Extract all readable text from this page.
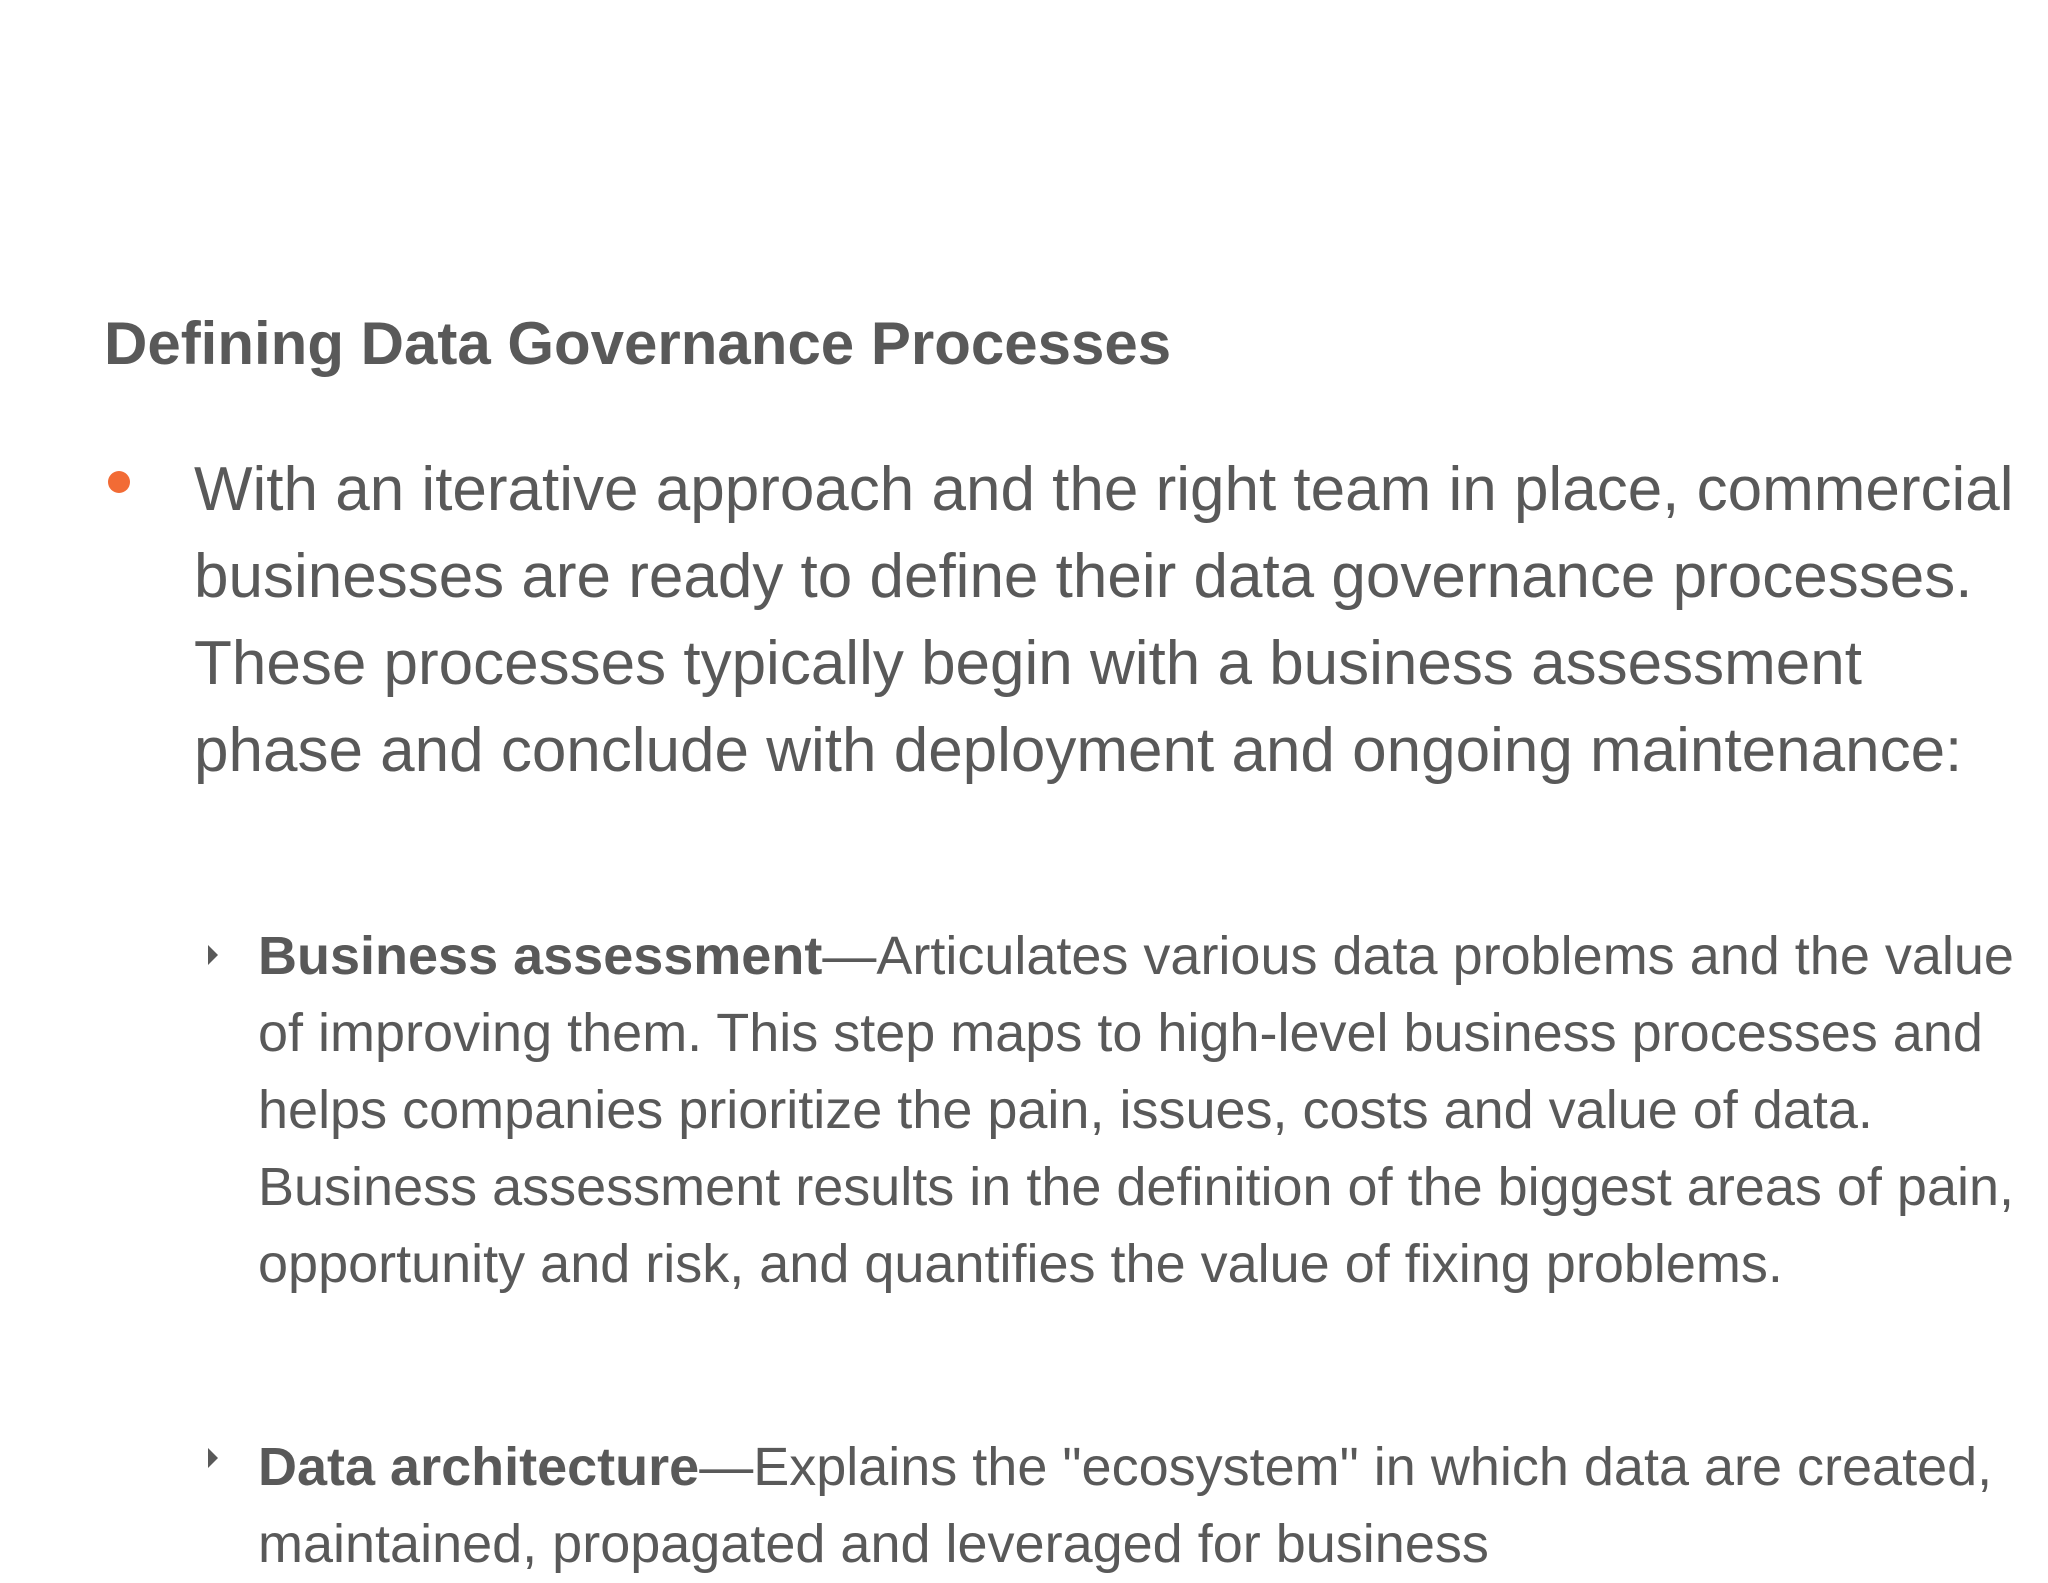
Defining Data Governance Processes
With an iterative approach and the right team in place, commercial businesses are ready to define their data governance processes. These processes typically begin with a business assessment phase and conclude with deployment and ongoing maintenance:
Business assessment—Articulates various data problems and the value of improving them. This step maps to high-level business processes and helps companies prioritize the pain, issues, costs and value of data. Business assessment results in the definition of the biggest areas of pain, opportunity and risk, and quantifies the value of fixing problems.
Data architecture—Explains the "ecosystem" in which data are created, maintained, propagated and leveraged for business
